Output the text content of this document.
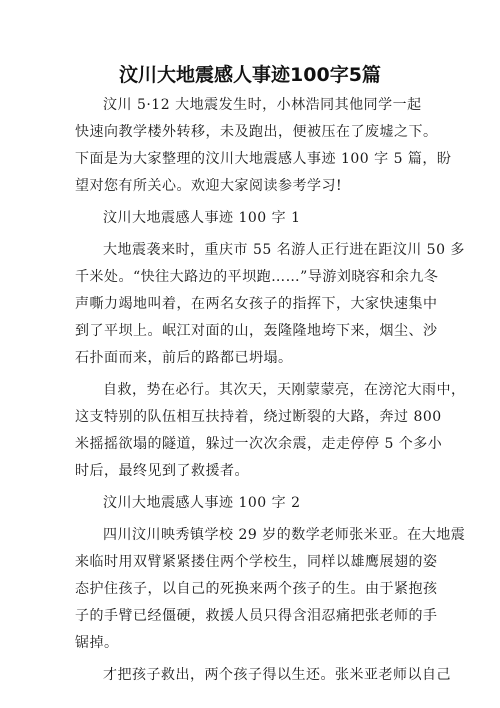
汶川大地震感人事迹100字5篇

汶川 5·12 大地震发生时，小林浩同其他同学一起
快速向教学楼外转移，未及跑出，便被压在了废墟之下。
下面是为大家整理的汶川大地震感人事迹 100 字 5 篇，盼
望对您有所关心。欢迎大家阅读参考学习!

汶川大地震感人事迹 100 字 1

大地震袭来时，重庆市 55 名游人正行进在距汶川 50 多
千米处。“快往大路边的平坝跑……”导游刘晓容和余九冬
声嘶力竭地叫着，在两名女孩子的指挥下，大家快速集中
到了平坝上。岷江对面的山，轰隆隆地垮下来，烟尘、沙
石扑面而来，前后的路都已坍塌。

自救，势在必行。其次天，天刚蒙蒙亮，在滂沱大雨中，
这支特别的队伍相互扶持着，绕过断裂的大路，奔过 800
米摇摇欲塌的隧道，躲过一次次余震，走走停停 5 个多小
时后，最终见到了救援者。

汶川大地震感人事迹 100 字 2

四川汶川映秀镇学校 29 岁的数学老师张米亚。在大地震
来临时用双臂紧紧搂住两个学校生，同样以雄鹰展翅的姿
态护住孩子，以自己的死换来两个孩子的生。由于紧抱孩
子的手臂已经僵硬，救援人员只得含泪忍痛把张老师的手
锯掉。

才把孩子救出，两个孩子得以生还。张米亚老师以自己
